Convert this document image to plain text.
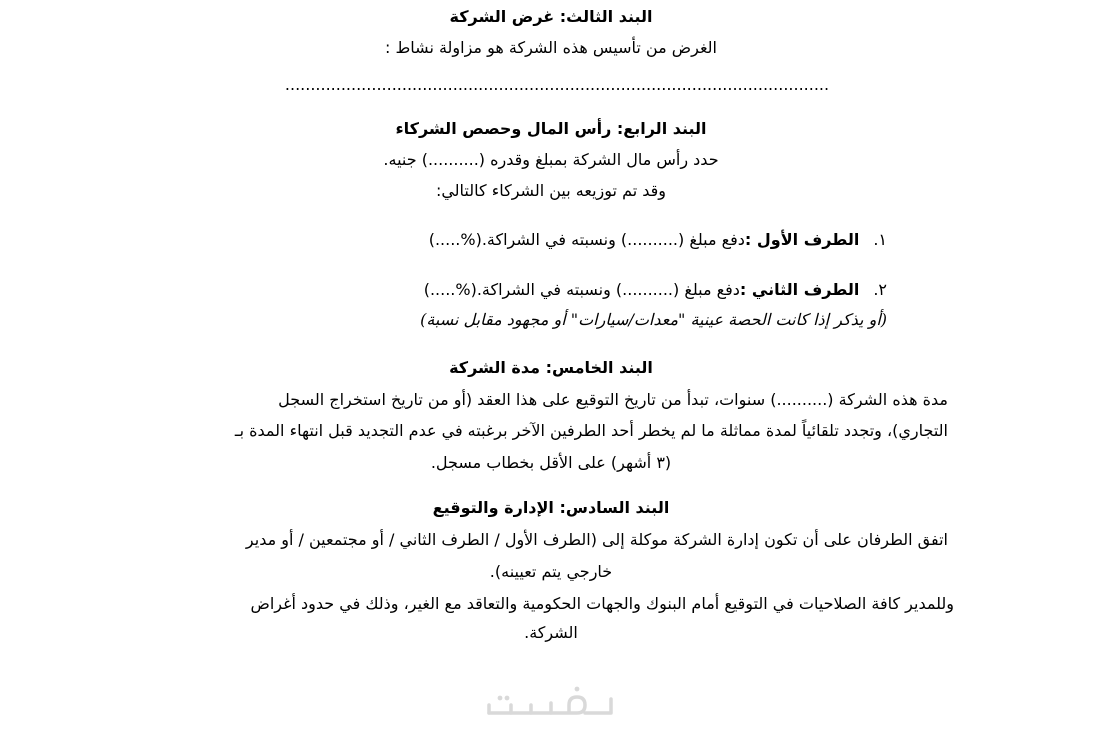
البند الثالث: غرض الشركة

الغرض من تأسيس هذه الشركة هو مزاولة نشاط :

...........................................................................................................

البند الرابع: رأس المال وحصص الشركاء

حدد رأس مال الشركة بمبلغ وقدره (..........) جنيه.

وقد تم توزيعه بين الشركاء كالتالي:

١.الطرف الأول :دفع مبلغ (..........) ونسبته في الشراكة.(%.....)
٢.الطرف الثاني :دفع مبلغ (..........) ونسبته في الشراكة.(%.....)

(أو يذكر إذا كانت الحصة عينية "معدات/سيارات" أو مجهود مقابل نسبة)

البند الخامس: مدة الشركة

مدة هذه الشركة (..........) سنوات، تبدأ من تاريخ التوقيع على هذا العقد (أو من تاريخ استخراج السجل

التجاري)، وتجدد تلقائياً لمدة مماثلة ما لم يخطر أحد الطرفين الآخر برغبته في عدم التجديد قبل انتهاء المدة بـ

(٣ أشهر) على الأقل بخطاب مسجل.

البند السادس: الإدارة والتوقيع

اتفق الطرفان على أن تكون إدارة الشركة موكلة إلى (الطرف الأول / الطرف الثاني / أو مجتمعين / أو مدير

خارجي يتم تعيينه).

وللمدير كافة الصلاحيات في التوقيع أمام البنوك والجهات الحكومية والتعاقد مع الغير، وذلك في حدود أغراض

الشركة.
